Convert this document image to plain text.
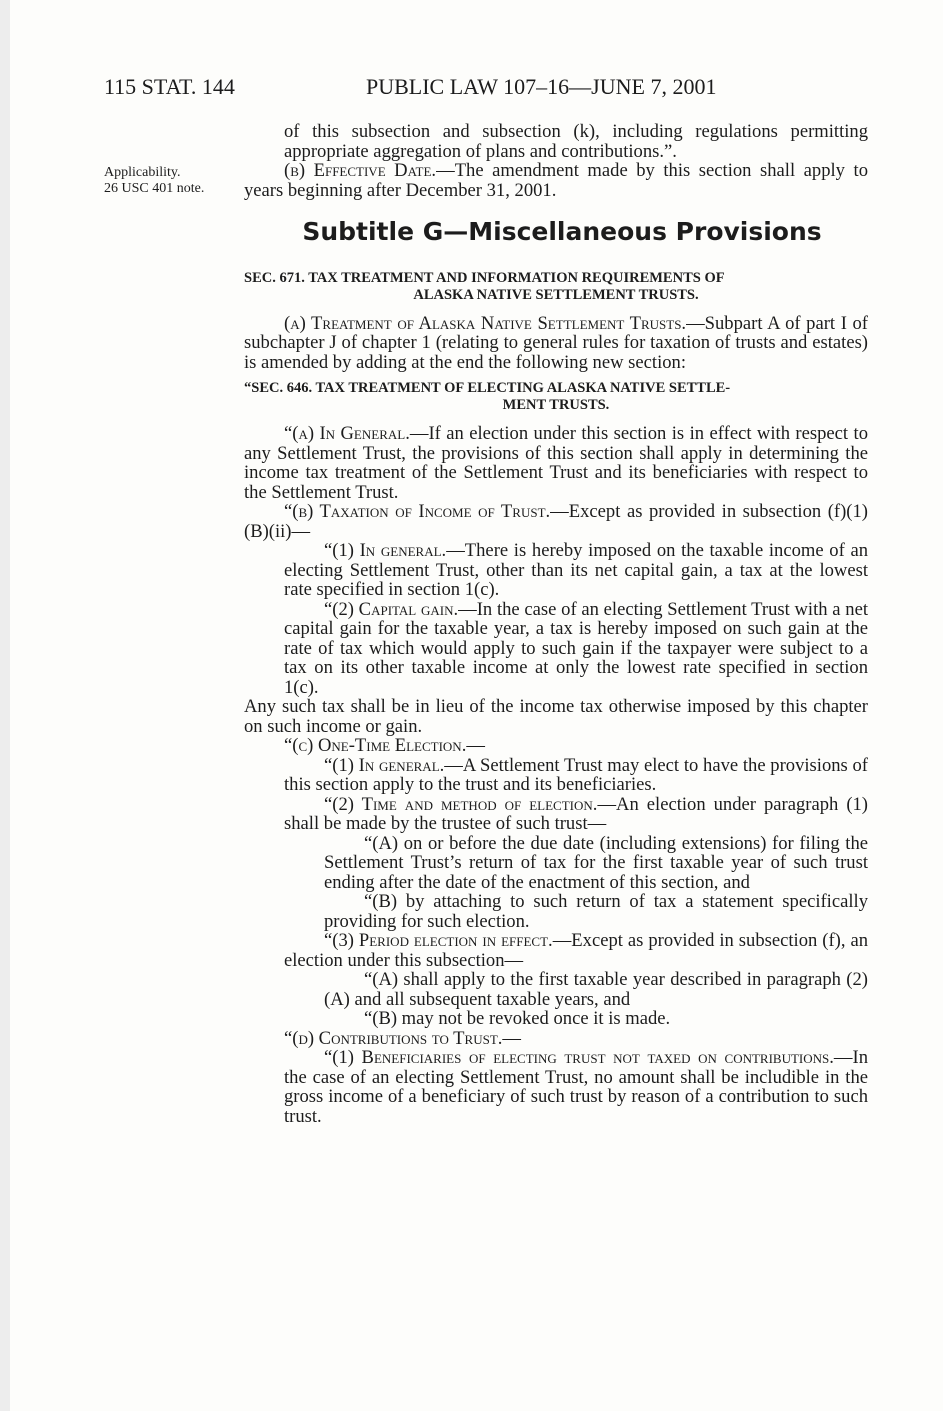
115 STAT. 144	PUBLIC LAW 107–16—JUNE 7, 2001
Applicability.
26 USC 401 note.

of this subsection and subsection (k), including regulations permitting appropriate aggregation of plans and contributions.”.

(b) Effective Date.—The amendment made by this section shall apply to years beginning after December 31, 2001.

Subtitle G—Miscellaneous Provisions
SEC. 671. TAX TREATMENT AND INFORMATION REQUIREMENTS OF
ALASKA NATIVE SETTLEMENT TRUSTS.

(a) Treatment of Alaska Native Settlement Trusts.—Subpart A of part I of subchapter J of chapter 1 (relating to general rules for taxation of trusts and estates) is amended by adding at the end the following new section:

“SEC. 646. TAX TREATMENT OF ELECTING ALASKA NATIVE SETTLE-
MENT TRUSTS.

“(a) In General.—If an election under this section is in effect with respect to any Settlement Trust, the provisions of this section shall apply in determining the income tax treatment of the Settlement Trust and its beneficiaries with respect to the Settlement Trust.

“(b) Taxation of Income of Trust.—Except as provided in subsection (f)(1)(B)(ii)—

“(1) In general.—There is hereby imposed on the taxable income of an electing Settlement Trust, other than its net capital gain, a tax at the lowest rate specified in section 1(c).

“(2) Capital gain.—In the case of an electing Settlement Trust with a net capital gain for the taxable year, a tax is hereby imposed on such gain at the rate of tax which would apply to such gain if the taxpayer were subject to a tax on its other taxable income at only the lowest rate specified in section 1(c).

Any such tax shall be in lieu of the income tax otherwise imposed by this chapter on such income or gain.

“(c) One-Time Election.—

“(1) In general.—A Settlement Trust may elect to have the provisions of this section apply to the trust and its beneficiaries.

“(2) Time and method of election.—An election under paragraph (1) shall be made by the trustee of such trust—

“(A) on or before the due date (including extensions) for filing the Settlement Trust’s return of tax for the first taxable year of such trust ending after the date of the enactment of this section, and

“(B) by attaching to such return of tax a statement specifically providing for such election.

“(3) Period election in effect.—Except as provided in subsection (f), an election under this subsection—

“(A) shall apply to the first taxable year described in paragraph (2)(A) and all subsequent taxable years, and

“(B) may not be revoked once it is made.

“(d) Contributions to Trust.—

“(1) Beneficiaries of electing trust not taxed on contributions.—In the case of an electing Settlement Trust, no amount shall be includible in the gross income of a beneficiary of such trust by reason of a contribution to such trust.
